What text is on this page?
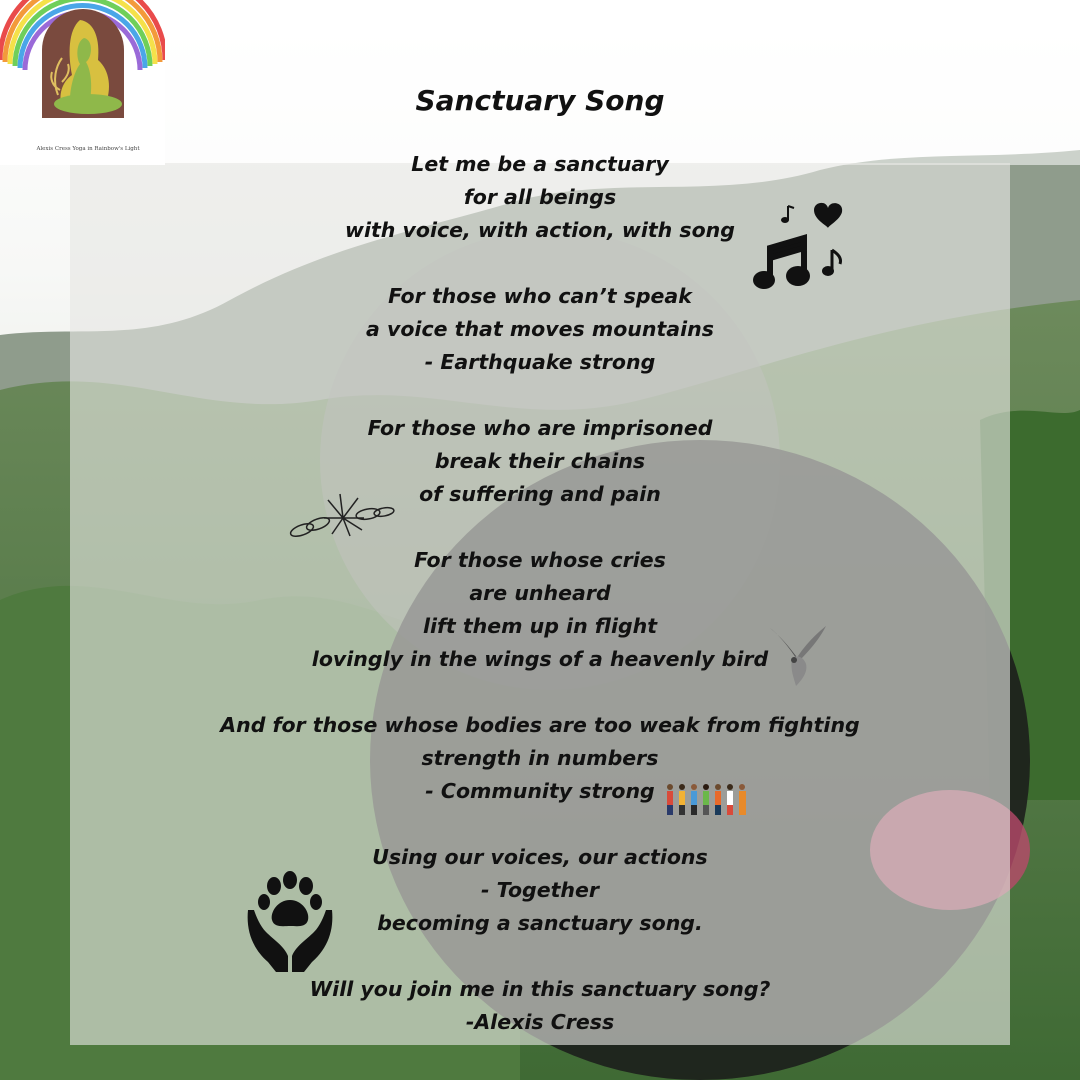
Alexis Cress Yoga in Rainbow's Light
Sanctuary Song
Let me be a sanctuary
for all beings
with voice, with action, with song
For those who can’t speak
a voice that moves mountains
- Earthquake strong
For those who are imprisoned
break their chains
of suffering and pain
For those whose cries
are unheard
lift them up in flight
lovingly in the wings of a heavenly bird
And for those whose bodies are too weak from fighting
strength in numbers
- Community strong
Using our voices, our actions
- Together
becoming a sanctuary song.
Will you join me in this sanctuary song?
-Alexis Cress
